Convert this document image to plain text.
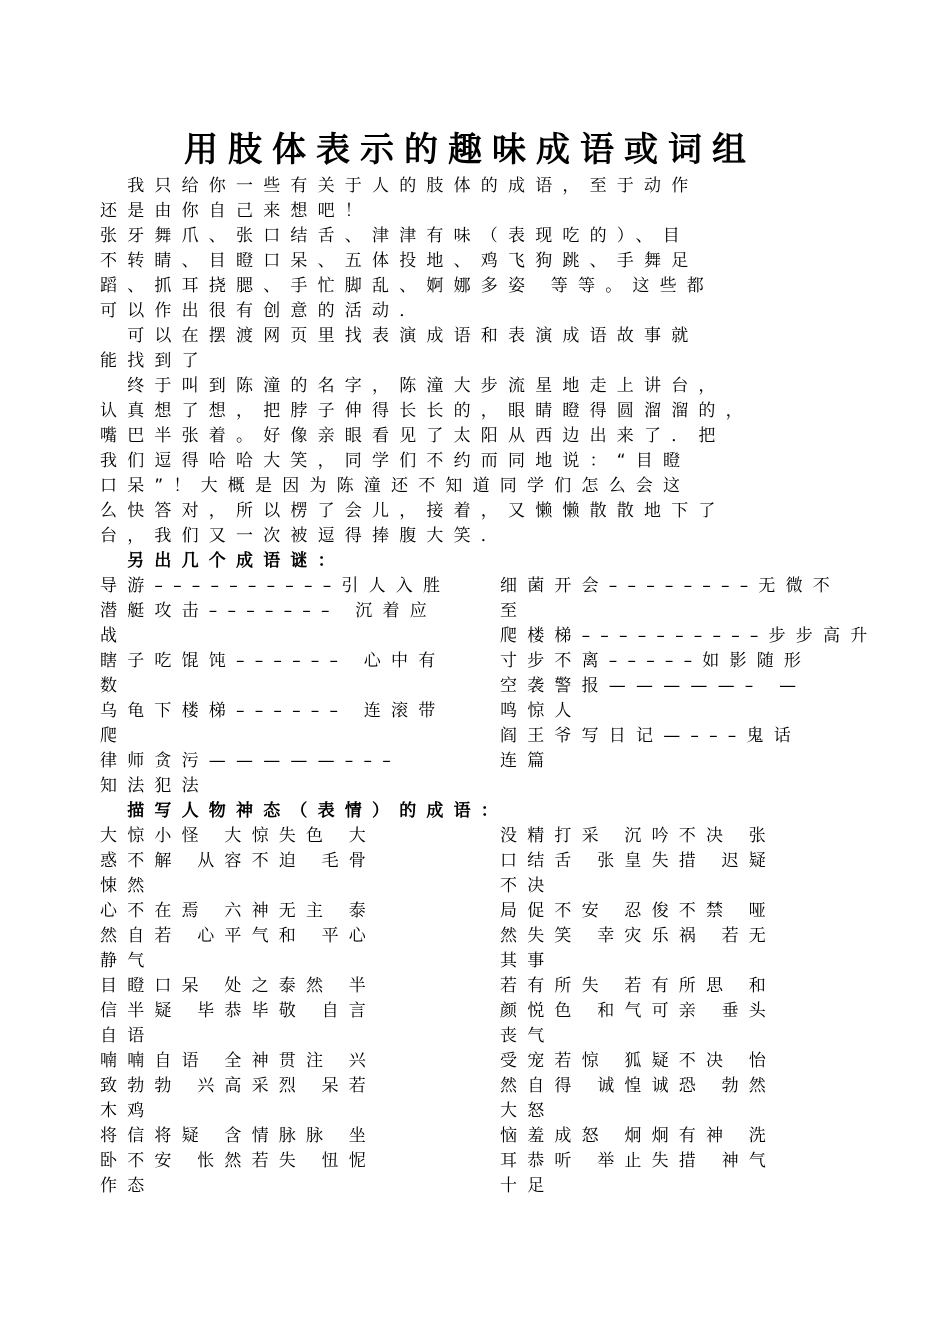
用肢体表示的趣味成语或词组
　我只给你一些有关于人的肢体的成语，至于动作
还是由你自己来想吧！
张牙舞爪、张口结舌、津津有味（表现吃的）、目
不转睛、目瞪口呆、五体投地、鸡飞狗跳、手舞足
蹈、抓耳挠腮、手忙脚乱、婀娜多姿 等等。这些都
可以作出很有创意的活动．
　可以在摆渡网页里找表演成语和表演成语故事就
能找到了
　终于叫到陈潼的名字，陈潼大步流星地走上讲台，
认真想了想，把脖子伸得长长的，眼睛瞪得圆溜溜的，
嘴巴半张着。好像亲眼看见了太阳从西边出来了．把
我们逗得哈哈大笑，同学们不约而同地说：“目瞪
口呆”！大概是因为陈潼还不知道同学们怎么会这
么快答对，所以楞了会儿，接着，又懒懒散散地下了
台，我们又一次被逗得捧腹大笑．
　另出几个成语谜：
导游––––––––––引人入胜
潜艇攻击––––––– 沉着应
战
瞎子吃馄饨–––––– 心中有
数
乌龟下楼梯–––––– 连滚带
爬
律师贪污—————–––
知法犯法
细菌开会––––––––无微不
至
爬楼梯––––––––––步步高升
寸步不离–––––如影随形
空袭警报—————– —
鸣惊人
阎王爷写日记—–––鬼话
连篇
　描写人物神态（表情）的成语：
大惊小怪 大惊失色 大
惑不解 从容不迫 毛骨
悚然
心不在焉 六神无主 泰
然自若 心平气和 平心
静气
目瞪口呆 处之泰然 半
信半疑 毕恭毕敬 自言
自语
喃喃自语 全神贯注 兴
致勃勃 兴高采烈 呆若
木鸡
将信将疑 含情脉脉 坐
卧不安 怅然若失 忸怩
作态
没精打采 沉吟不决 张
口结舌 张皇失措 迟疑
不决
局促不安 忍俊不禁 哑
然失笑 幸灾乐祸 若无
其事
若有所失 若有所思 和
颜悦色 和气可亲 垂头
丧气
受宠若惊 狐疑不决 怡
然自得 诚惶诚恐 勃然
大怒
恼羞成怒 炯炯有神 洗
耳恭听 举止失措 神气
十足
